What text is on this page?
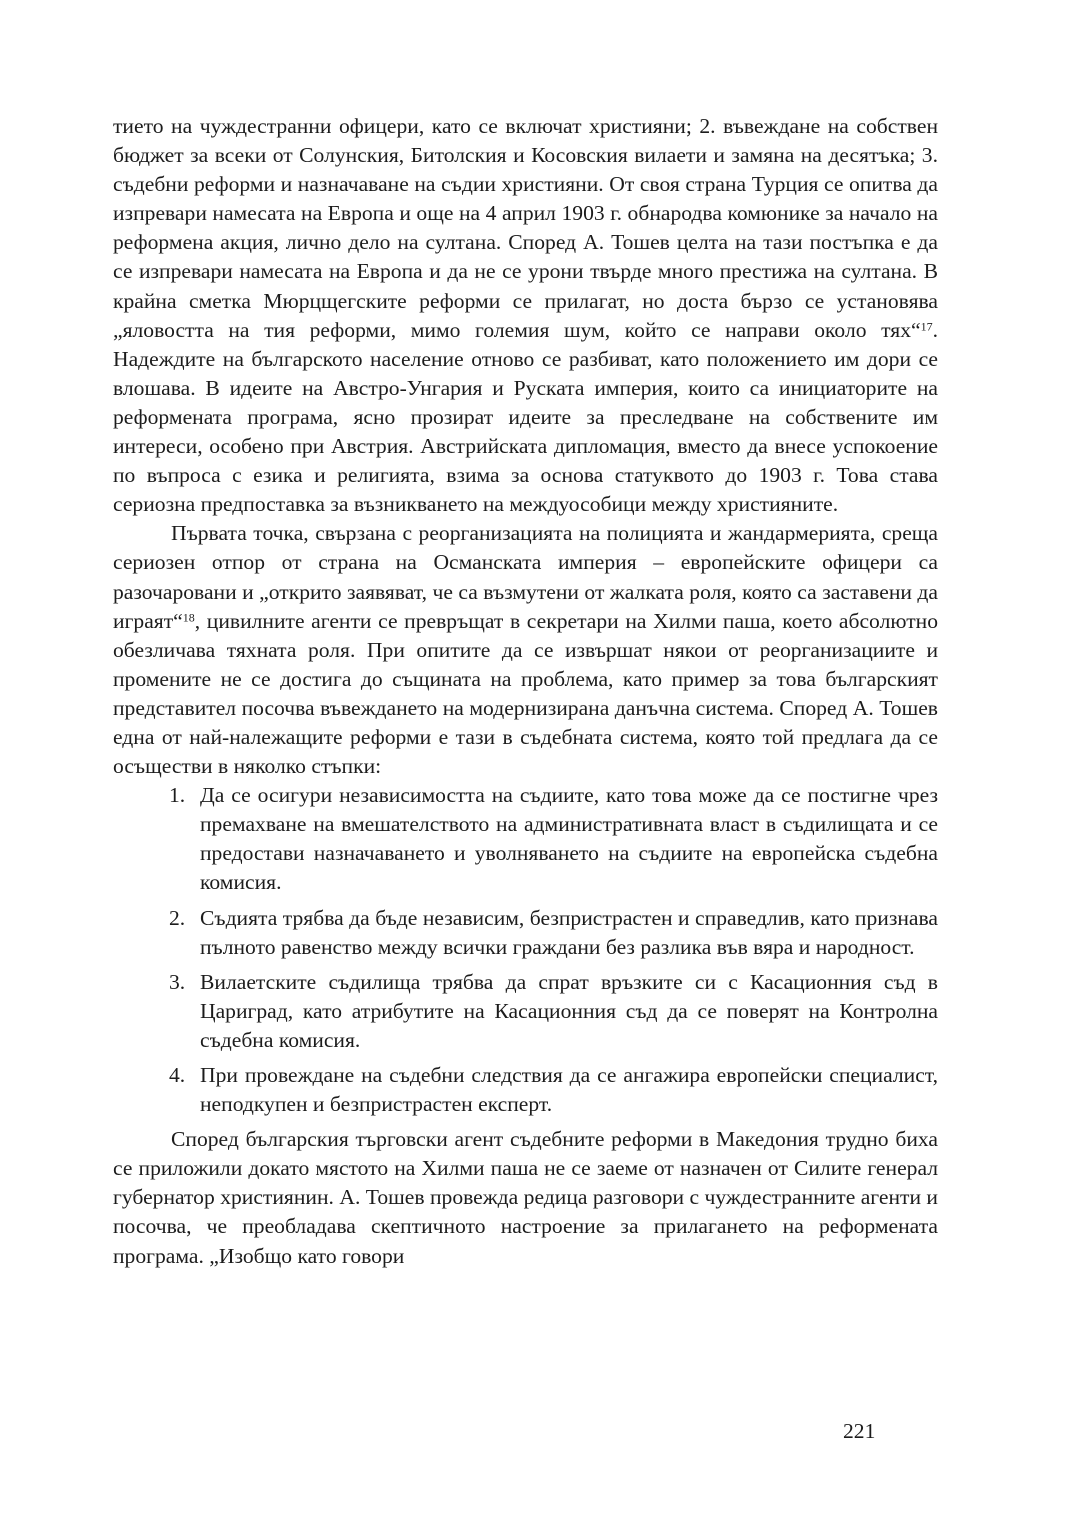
тието на чуждестранни офицери, като се включат християни; 2. въвеждане на собствен бюджет за всеки от Солунския, Битолския и Косовския вилаети и замяна на десятъка; 3. съдебни реформи и назначаване на съдии християни. От своя страна Турция се опитва да изпревари намесата на Европа и още на 4 април 1903 г. обнародва комюнике за начало на реформена акция, лично дело на султана. Според А. Тошев целта на тази постъпка е да се изпревари намесата на Европа и да не се урони твърде много престижа на султана. В крайна сметка Мюрцщегските реформи се прилагат, но доста бързо се установява „яловостта на тия реформи, мимо големия шум, който се направи около тях“$^{17}$. Надеждите на българското население отново се разбиват, като положението им дори се влошава. В идеите на Австро-Унгария и Руската империя, които са инициаторите на реформената програма, ясно прозират идеите за преследване на собствените им интереси, особено при Австрия. Австрийската дипломация, вместо да внесе успокоение по въпроса с езика и религията, взима за основа статуквото до 1903 г. Това става сериозна предпоставка за възникването на междуособици между християните.

Първата точка, свързана с реорганизацията на полицията и жандармерията, среща сериозен отпор от страна на Османската империя – европейските офицери са разочаровани и „открито заявяват, че са възмутени от жалката роля, която са заставени да играят“$^{18}$, цивилните агенти се превръщат в секретари на Хилми паша, което абсолютно обезличава тяхната роля. При опитите да се извършат някои от реорганизациите и промените не се достига до същината на проблема, като пример за това българският представител посочва въвеждането на модернизирана данъчна система. Според А. Тошев една от най-належащите реформи е тази в съдебната система, която той предлага да се осъществи в няколко стъпки:

1. Да се осигури независимостта на съдиите, като това може да се постигне чрез премахване на вмешателството на административната власт в съдилищата и се предостави назначаването и уволняването на съдиите на европейска съдебна комисия.
2. Съдията трябва да бъде независим, безпристрастен и справедлив, като признава пълното равенство между всички граждани без разлика във вяра и народност.
3. Вилаетските съдилища трябва да спрат връзките си с Касационния съд в Цариград, като атрибутите на Касационния съд да се поверят на Контролна съдебна комисия.
4. При провеждане на съдебни следствия да се ангажира европейски специалист, неподкупен и безпристрастен експерт.

Според българския търговски агент съдебните реформи в Македония трудно биха се приложили докато мястото на Хилми паша не се заеме от назначен от Силите генерал губернатор християнин. А. Тошев провежда редица разговори с чуждестранните агенти и посочва, че преобладава скептичното настроение за прилагането на реформената програма. „Изобщо като говори

221
